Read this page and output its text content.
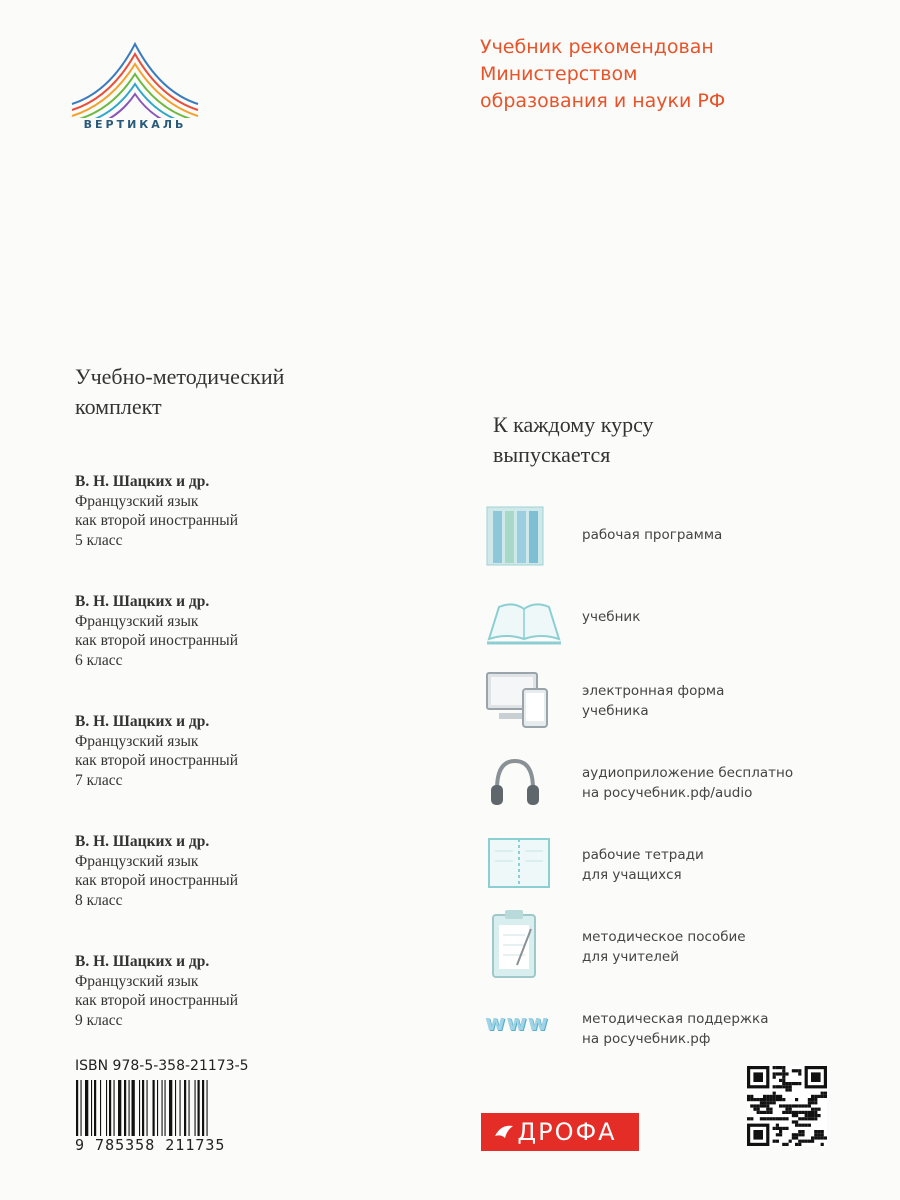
ВЕРТИКАЛЬ
Учебник рекомендован
Министерством
образования и науки РФ
Учебно-методический
комплект
В. Н. Шацких и др.
Французский язык
как второй иностранный
5 класс
В. Н. Шацких и др.
Французский язык
как второй иностранный
6 класс
В. Н. Шацких и др.
Французский язык
как второй иностранный
7 класс
В. Н. Шацких и др.
Французский язык
как второй иностранный
8 класс
В. Н. Шацких и др.
Французский язык
как второй иностранный
9 класс
К каждому курсу
выпускается
рабочая программа
учебник
электронная форма
учебника
аудиоприложение бесплатно
на росучебник.рф/audio
рабочие тетради
для учащихся
методическое пособие
для учителей
www	методическая поддержка
на росучебник.рф
ISBN 978-5-358-21173-5
9 785358 211735	ДРОФА
